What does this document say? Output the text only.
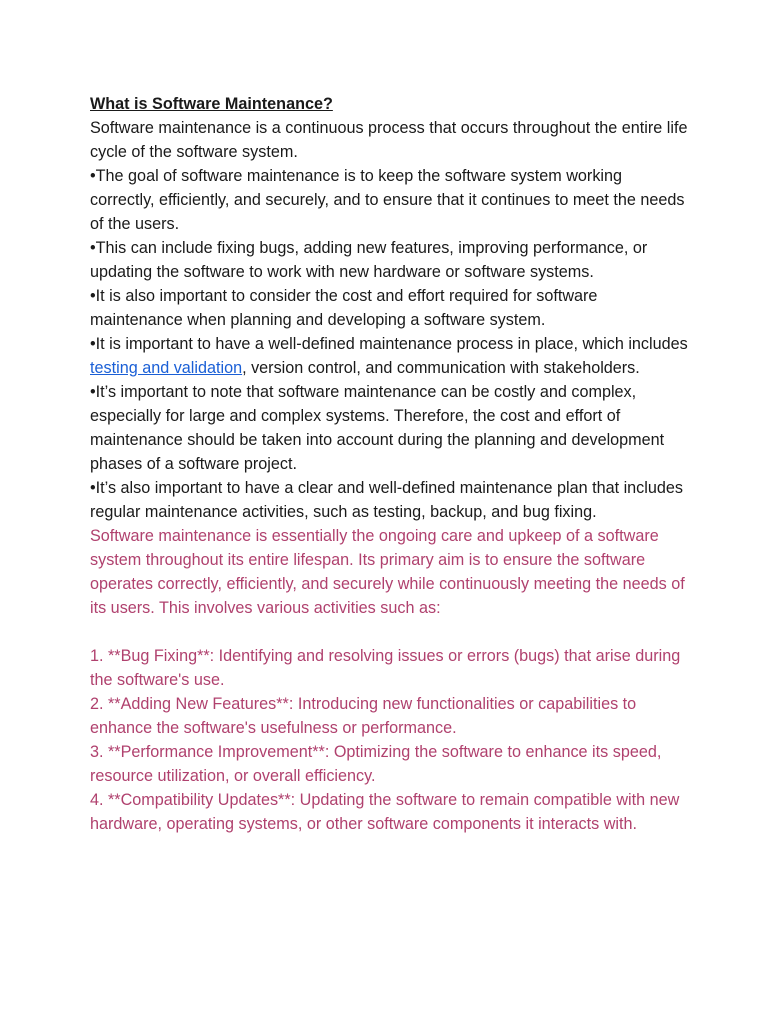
What is Software Maintenance?

Software maintenance is a continuous process that occurs throughout the entire life cycle of the software system.

•The goal of software maintenance is to keep the software system working correctly, efficiently, and securely, and to ensure that it continues to meet the needs of the users.

•This can include fixing bugs, adding new features, improving performance, or updating the software to work with new hardware or software systems.

•It is also important to consider the cost and effort required for software maintenance when planning and developing a software system.

•It is important to have a well-defined maintenance process in place, which includes testing and validation, version control, and communication with stakeholders.

•It’s important to note that software maintenance can be costly and complex, especially for large and complex systems. Therefore, the cost and effort of maintenance should be taken into account during the planning and development phases of a software project.

•It’s also important to have a clear and well-defined maintenance plan that includes regular maintenance activities, such as testing, backup, and bug fixing.

Software maintenance is essentially the ongoing care and upkeep of a software system throughout its entire lifespan. Its primary aim is to ensure the software operates correctly, efficiently, and securely while continuously meeting the needs of its users. This involves various activities such as:

1. **Bug Fixing**: Identifying and resolving issues or errors (bugs) that arise during the software's use.

2. **Adding New Features**: Introducing new functionalities or capabilities to enhance the software's usefulness or performance.

3. **Performance Improvement**: Optimizing the software to enhance its speed, resource utilization, or overall efficiency.

4. **Compatibility Updates**: Updating the software to remain compatible with new hardware, operating systems, or other software components it interacts with.
